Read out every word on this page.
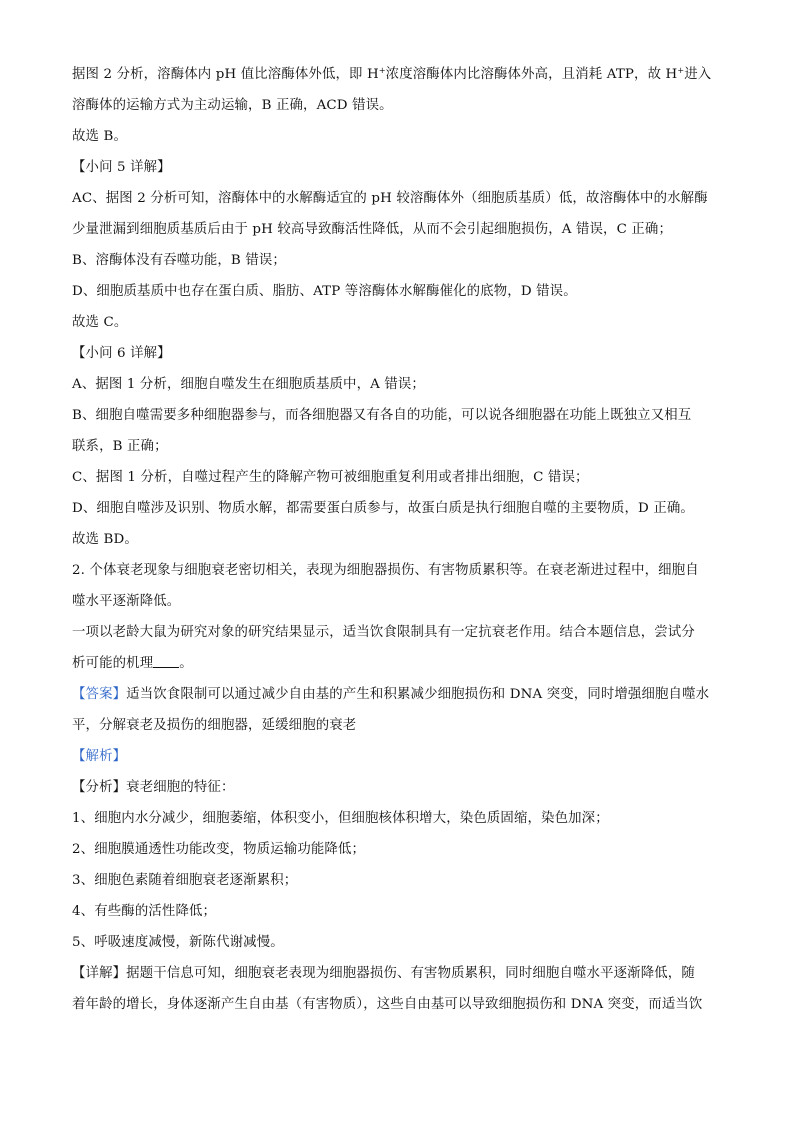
据图 2 分析，溶酶体内 pH 值比溶酶体外低，即 H+浓度溶酶体内比溶酶体外高，且消耗 ATP，故 H+进入
溶酶体的运输方式为主动运输，B 正确，ACD 错误。
故选 B。
【小问 5 详解】
AC、据图 2 分析可知，溶酶体中的水解酶适宜的 pH 较溶酶体外（细胞质基质）低，故溶酶体中的水解酶
少量泄漏到细胞质基质后由于 pH 较高导致酶活性降低，从而不会引起细胞损伤，A 错误，C 正确；
B、溶酶体没有吞噬功能，B 错误；
D、细胞质基质中也存在蛋白质、脂肪、ATP 等溶酶体水解酶催化的底物，D 错误。
故选 C。
【小问 6 详解】
A、据图 1 分析，细胞自噬发生在细胞质基质中，A 错误；
B、细胞自噬需要多种细胞器参与，而各细胞器又有各自的功能，可以说各细胞器在功能上既独立又相互
联系，B 正确；
C、据图 1 分析，自噬过程产生的降解产物可被细胞重复利用或者排出细胞，C 错误；
D、细胞自噬涉及识别、物质水解，都需要蛋白质参与，故蛋白质是执行细胞自噬的主要物质，D 正确。
故选 BD。
2. 个体衰老现象与细胞衰老密切相关，表现为细胞器损伤、有害物质累积等。在衰老渐进过程中，细胞自
噬水平逐渐降低。
一项以老龄大鼠为研究对象的研究结果显示，适当饮食限制具有一定抗衰老作用。结合本题信息，尝试分
析可能的机理 。
【答案】适当饮食限制可以通过减少自由基的产生和积累减少细胞损伤和 DNA 突变，同时增强细胞自噬水
平，分解衰老及损伤的细胞器，延缓细胞的衰老
【解析】
【分析】衰老细胞的特征：
1、细胞内水分减少，细胞萎缩，体积变小，但细胞核体积增大，染色质固缩，染色加深；
2、细胞膜通透性功能改变，物质运输功能降低；
3、细胞色素随着细胞衰老逐渐累积；
4、有些酶的活性降低；
5、呼吸速度减慢，新陈代谢减慢。
【详解】据题干信息可知，细胞衰老表现为细胞器损伤、有害物质累积，同时细胞自噬水平逐渐降低，随
着年龄的增长，身体逐渐产生自由基（有害物质），这些自由基可以导致细胞损伤和 DNA 突变，而适当饮
